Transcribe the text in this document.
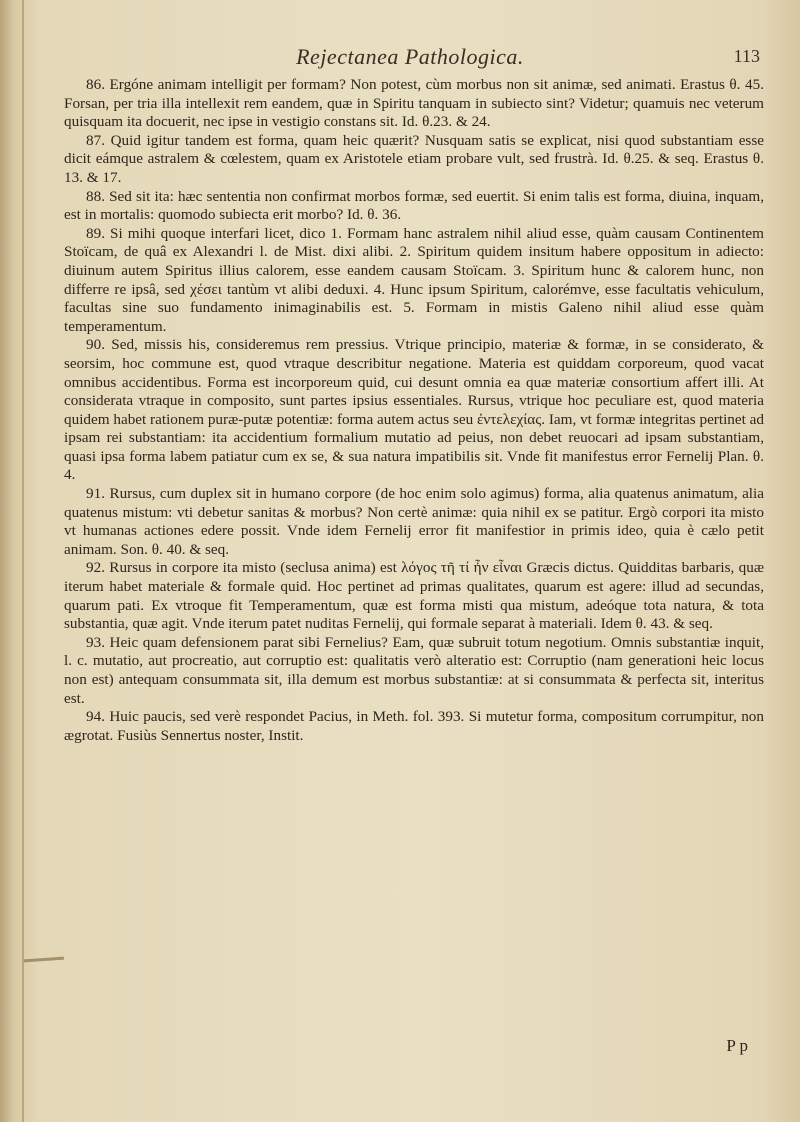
Rejectanea Pathologica.	113

86. Ergóne animam intelligit per formam? Non potest, cùm morbus non sit animæ, sed animati. Erastus θ. 45. Forsan, per tria illa intellexit rem eandem, quæ in Spiritu tanquam in subiecto sint? Videtur; quamuis nec veterum quisquam ita docuerit, nec ipse in vestigio constans sit. Id. θ.23. & 24.

87. Quid igitur tandem est forma, quam heic quærit? Nusquam satis se explicat, nisi quod substantiam esse dicit eámque astralem & cœlestem, quam ex Aristotele etiam probare vult, sed frustrà. Id. θ.25. & seq. Erastus θ. 13. & 17.

88. Sed sit ita: hæc sententia non confirmat morbos formæ, sed euertit. Si enim talis est forma, diuina, inquam, est in mortalis: quomodo subiecta erit morbo? Id. θ. 36.

89. Si mihi quoque interfari licet, dico 1. Formam hanc astralem nihil aliud esse, quàm causam Continentem Stoïcam, de quâ ex Alexandri l. de Mist. dixi alibi. 2. Spiritum quidem insitum habere oppositum in adiecto: diuinum autem Spiritus illius calorem, esse eandem causam Stoïcam. 3. Spiritum hunc & calorem hunc, non differre re ipsâ, sed χέσει tantùm vt alibi deduxi. 4. Hunc ipsum Spiritum, calorémve, esse facultatis vehiculum, facultas sine suo fundamento inimaginabilis est. 5. Formam in mistis Galeno nihil aliud esse quàm temperamentum.

90. Sed, missis his, consideremus rem pressius. Vtrique principio, materiæ & formæ, in se considerato, & seorsim, hoc commune est, quod vtraque describitur negatione. Materia est quiddam corporeum, quod vacat omnibus accidentibus. Forma est incorporeum quid, cui desunt omnia ea quæ materiæ consortium affert illi. At considerata vtraque in composito, sunt partes ipsius essentiales. Rursus, vtrique hoc peculiare est, quod materia quidem habet rationem puræ-putæ potentiæ: forma autem actus seu ἐντελεχίας. Iam, vt formæ integritas pertinet ad ipsam rei substantiam: ita accidentium formalium mutatio ad peius, non debet reuocari ad ipsam substantiam, quasi ipsa forma labem patiatur cum ex se, & sua natura impatibilis sit. Vnde fit manifestus error Fernelij Plan. θ. 4.

91. Rursus, cum duplex sit in humano corpore (de hoc enim solo agimus) forma, alia quatenus animatum, alia quatenus mistum: vti debetur sanitas & morbus? Non certè animæ: quia nihil ex se patitur. Ergò corpori ita misto vt humanas actiones edere possit. Vnde idem Fernelij error fit manifestior in primis ideo, quia è cælo petit animam. Son. θ. 40. & seq.

92. Rursus in corpore ita misto (seclusa anima) est λόγος τῆ τί ἦν εἶναι Græcis dictus. Quidditas barbaris, quæ iterum habet materiale & formale quid. Hoc pertinet ad primas qualitates, quarum est agere: illud ad secundas, quarum pati. Ex vtroque fit Temperamentum, quæ est forma misti qua mistum, adeóque tota natura, & tota substantia, quæ agit. Vnde iterum patet nuditas Fernelij, qui formale separat à materiali. Idem θ. 43. & seq.

93. Heic quam defensionem parat sibi Fernelius? Eam, quæ subruit totum negotium. Omnis substantiæ inquit, l. c. mutatio, aut procreatio, aut corruptio est: qualitatis verò alteratio est: Corruptio (nam generationi heic locus non est) antequam consummata sit, illa demum est morbus substantiæ: at si consummata & perfecta sit, interitus est.

94. Huic paucis, sed verè respondet Pacius, in Meth. fol. 393. Si mutetur forma, compositum corrumpitur, non ægrotat. Fusiùs Sennertus noster, Instit.

P p
